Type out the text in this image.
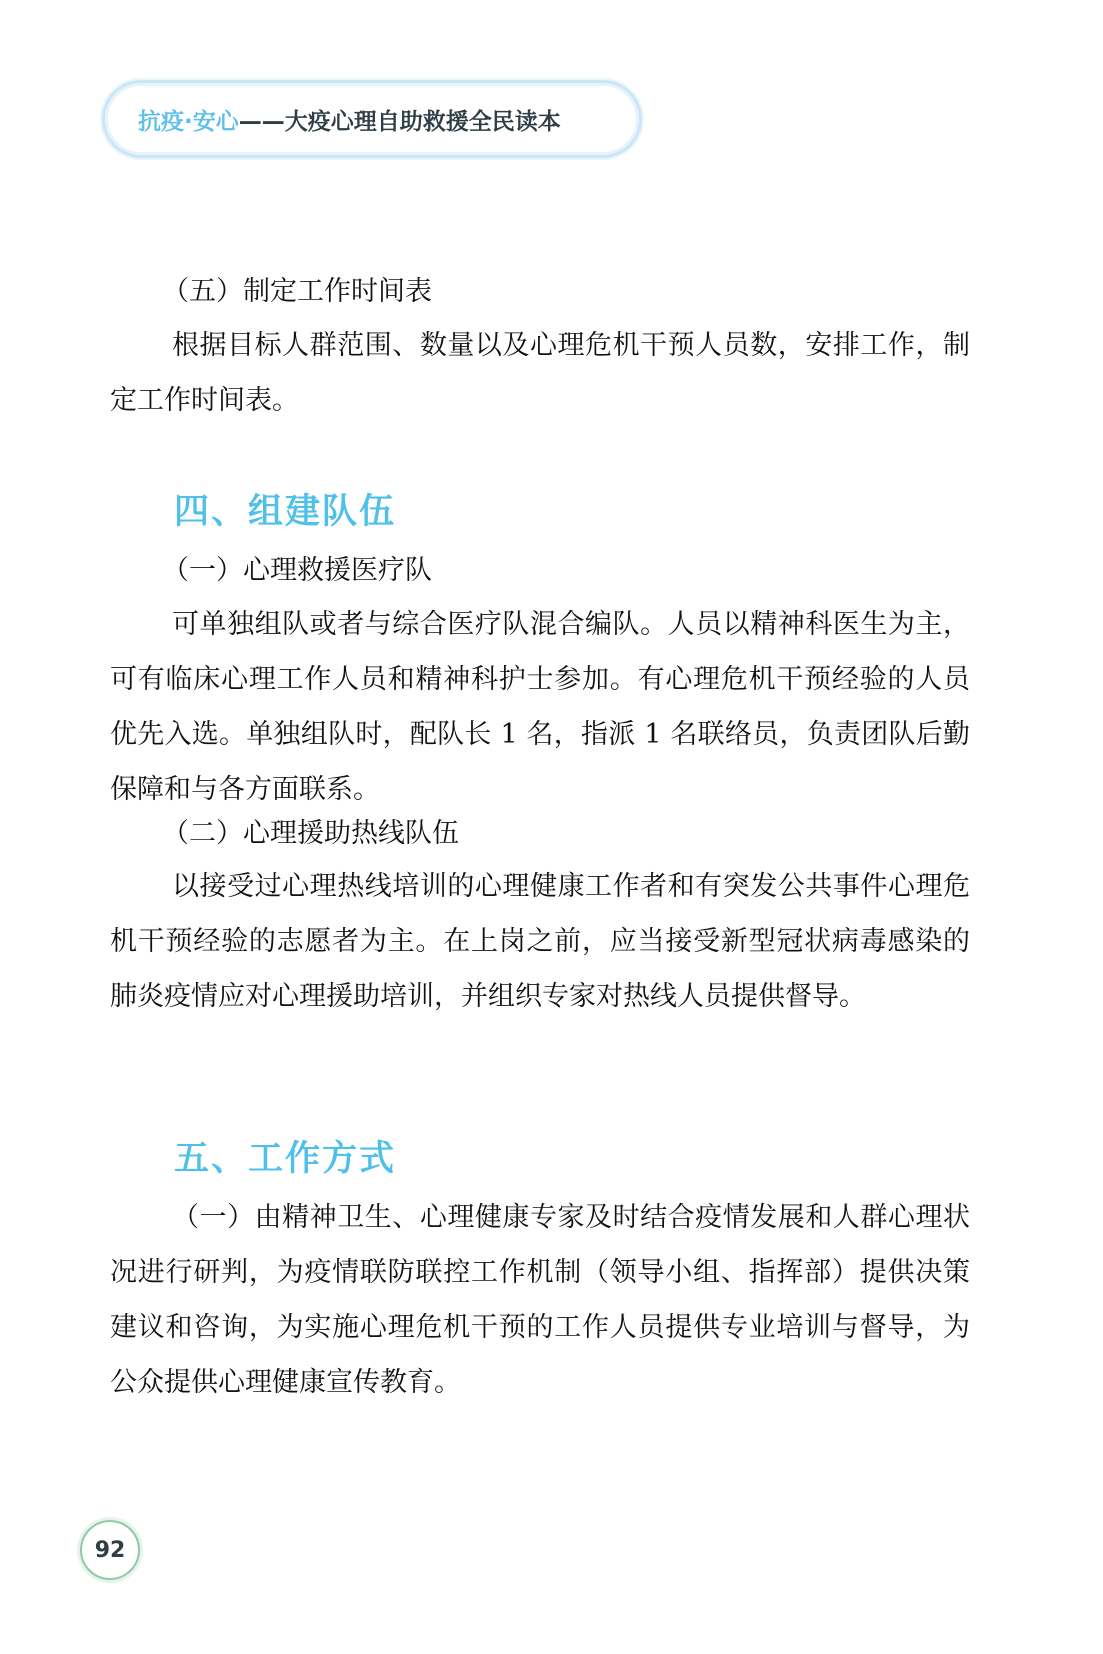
抗疫·安心 ——大疫心理自助救援全民读本

（五）制定工作时间表

根据目标人群范围、数量以及心理危机干预人员数，安排工作，制定工作时间表。

四、组建队伍

（一）心理救援医疗队

可单独组队或者与综合医疗队混合编队。人员以精神科医生为主，可有临床心理工作人员和精神科护士参加。有心理危机干预经验的人员优先入选。单独组队时，配队长 1 名，指派 1 名联络员，负责团队后勤保障和与各方面联系。

（二）心理援助热线队伍

以接受过心理热线培训的心理健康工作者和有突发公共事件心理危机干预经验的志愿者为主。在上岗之前，应当接受新型冠状病毒感染的肺炎疫情应对心理援助培训，并组织专家对热线人员提供督导。

五、工作方式

（一）由精神卫生、心理健康专家及时结合疫情发展和人群心理状况进行研判，为疫情联防联控工作机制（领导小组、指挥部）提供决策建议和咨询，为实施心理危机干预的工作人员提供专业培训与督导，为公众提供心理健康宣传教育。

92
